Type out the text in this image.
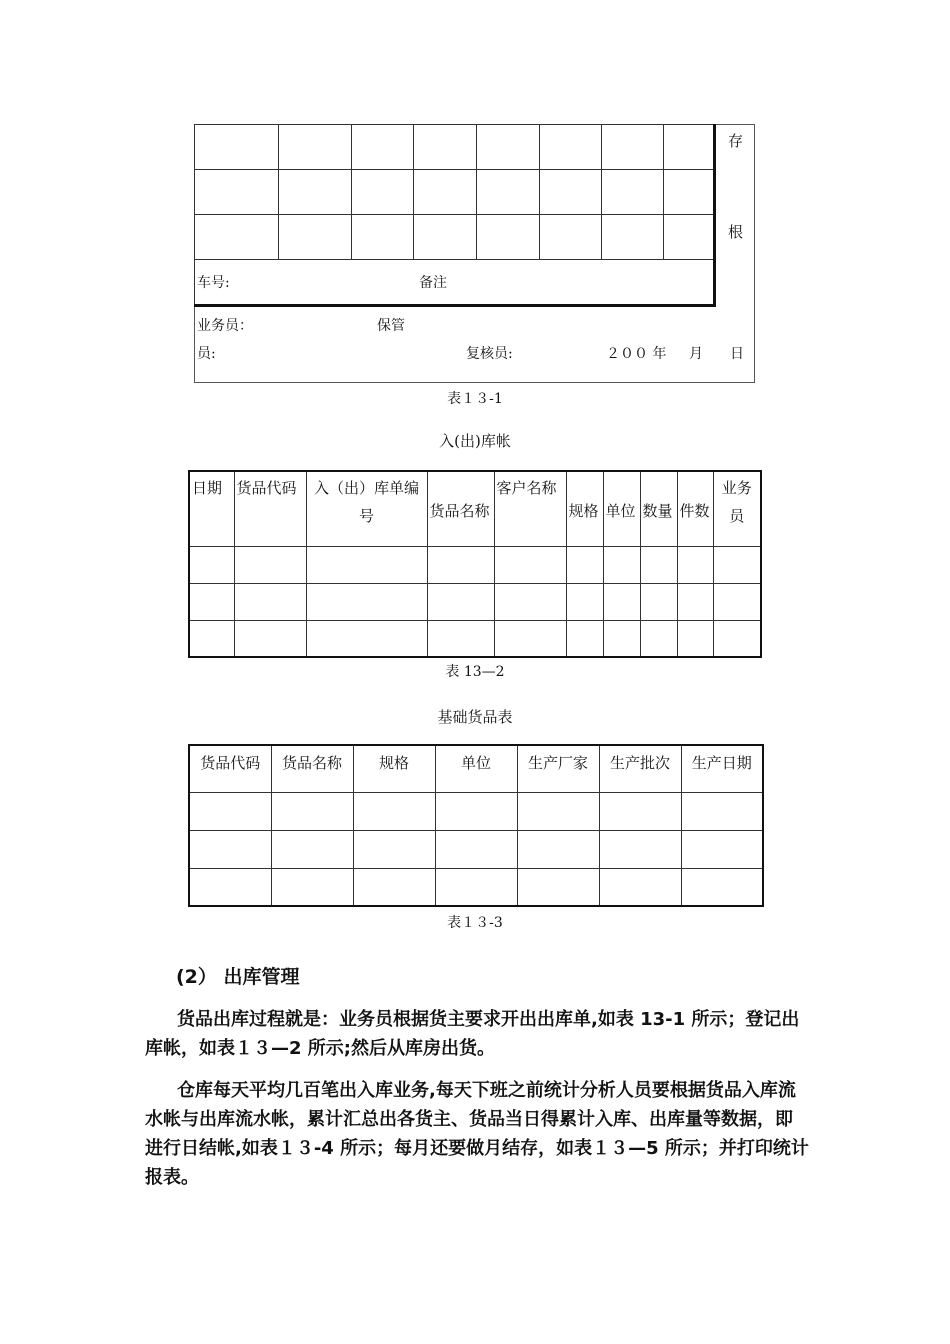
车号: 备注							
存
根
业务员：	保管
员:	复核员:	２００ 年 月 日
表１３-1
入(出)库帐
日期	货品代码	入（出）库单编号	货品名称	客户名称	规格	单位	数量	件数	业务员

表 13—2
基础货品表
货品代码	货品名称	规格	单位	生产厂家	生产批次	生产日期

表１３-3
(2） 出库管理

货品出库过程就是：业务员根据货主要求开出出库单,如表 13-1 所示；登记出库帐，如表１３—2 所示;然后从库房出货。

仓库每天平均几百笔出入库业务,每天下班之前统计分析人员要根据货品入库流水帐与出库流水帐，累计汇总出各货主、货品当日得累计入库、出库量等数据，即进行日结帐,如表１３-4 所示；每月还要做月结存，如表１３—5 所示；并打印统计报表。
